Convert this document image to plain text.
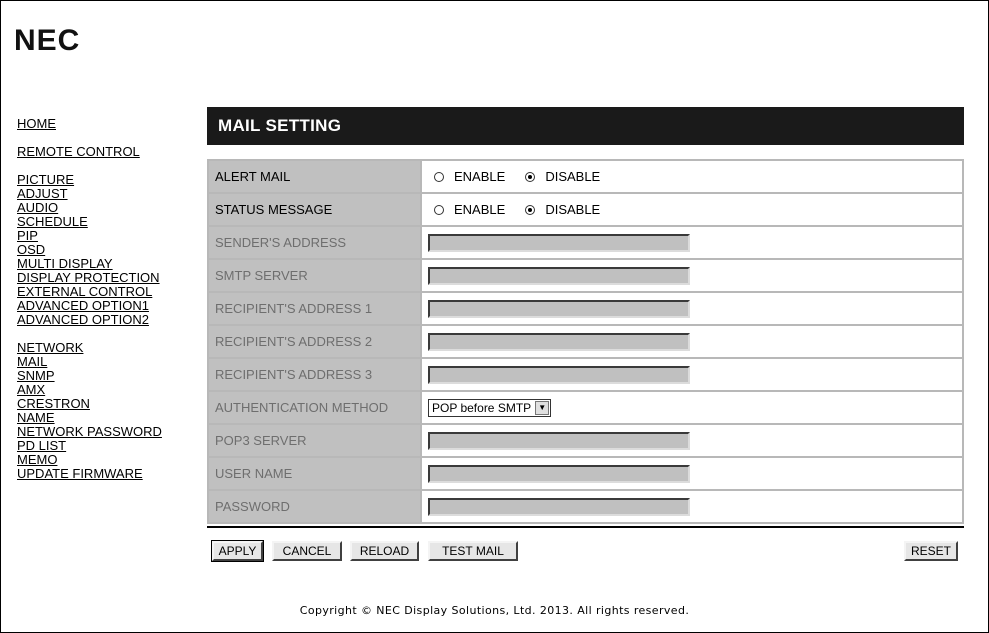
NEC
HOME
REMOTE CONTROL
PICTURE
ADJUST
AUDIO
SCHEDULE
PIP
OSD
MULTI DISPLAY
DISPLAY PROTECTION
EXTERNAL CONTROL
ADVANCED OPTION1
ADVANCED OPTION2
NETWORK
MAIL
SNMP
AMX
CRESTRON
NAME
NETWORK PASSWORD
PD LIST
MEMO
UPDATE FIRMWARE
MAIL SETTING
ALERT MAIL	ENABLE DISABLE

STATUS MESSAGE	ENABLE DISABLE

SENDER'S ADDRESS	
SMTP SERVER	
RECIPIENT'S ADDRESS 1	
RECIPIENT'S ADDRESS 2	
RECIPIENT'S ADDRESS 3	
AUTHENTICATION METHOD	POP before SMTP ▼

POP3 SERVER	
USER NAME	
PASSWORD	
APPLY	CANCEL	RELOAD	TEST MAIL	RESET
Copyright © NEC Display Solutions, Ltd. 2013. All rights reserved.
